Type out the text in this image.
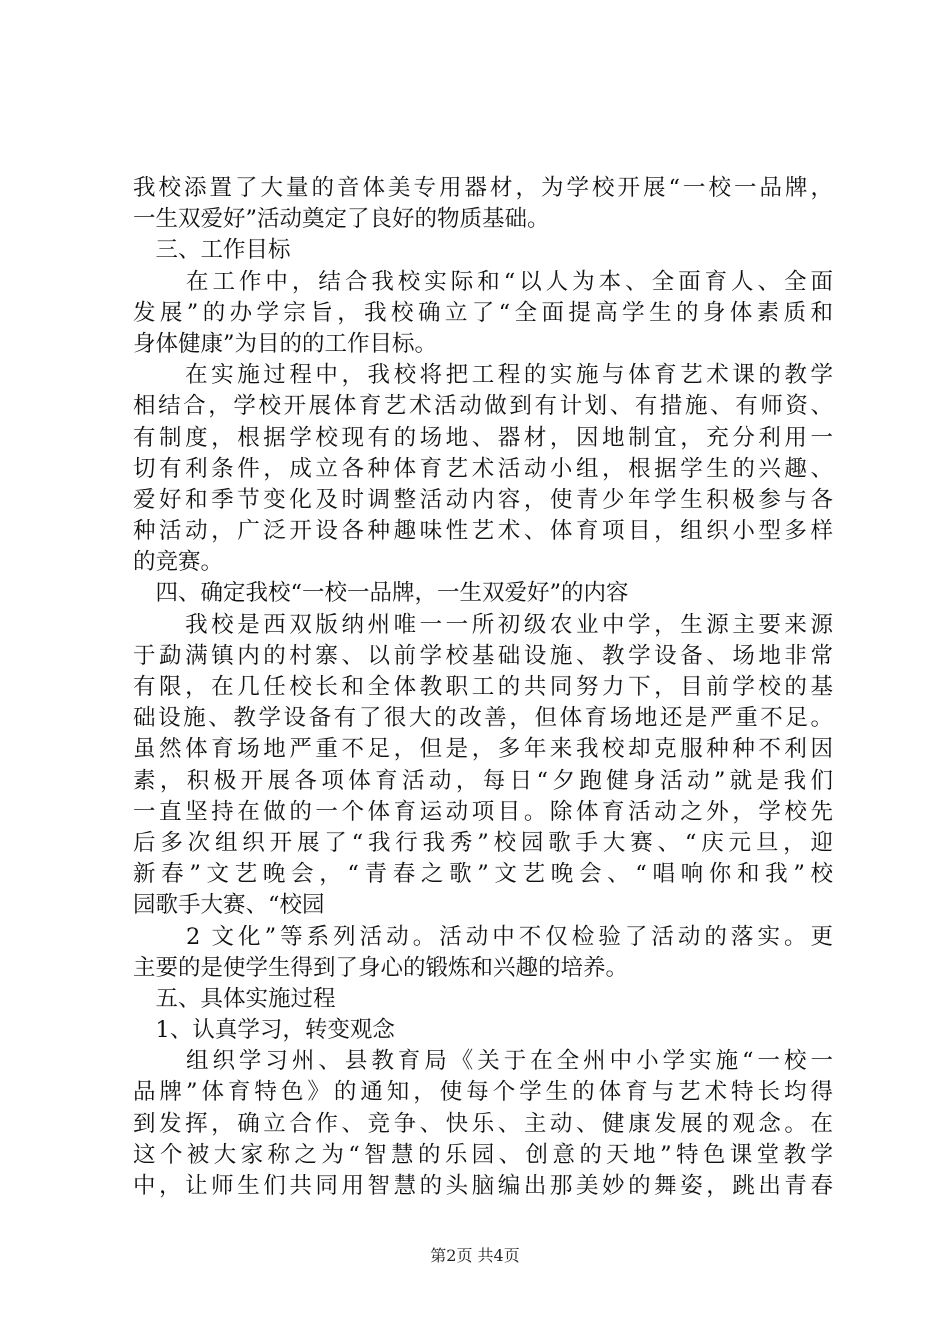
我校添置了大量的音体美专用器材，为学校开展“一校一品牌，
一生双爱好”活动奠定了良好的物质基础。
　三、工作目标
　　在工作中，结合我校实际和“以人为本、全面育人、全面
发展”的办学宗旨，我校确立了“全面提高学生的身体素质和
身体健康”为目的的工作目标。
　　在实施过程中，我校将把工程的实施与体育艺术课的教学
相结合，学校开展体育艺术活动做到有计划、有措施、有师资、
有制度，根据学校现有的场地、器材，因地制宜，充分利用一
切有利条件，成立各种体育艺术活动小组，根据学生的兴趣、
爱好和季节变化及时调整活动内容，使青少年学生积极参与各
种活动，广泛开设各种趣味性艺术、体育项目，组织小型多样
的竞赛。
　四、确定我校“一校一品牌，一生双爱好”的内容
　　我校是西双版纳州唯一一所初级农业中学，生源主要来源
于勐满镇内的村寨、以前学校基础设施、教学设备、场地非常
有限，在几任校长和全体教职工的共同努力下，目前学校的基
础设施、教学设备有了很大的改善，但体育场地还是严重不足。
虽然体育场地严重不足，但是，多年来我校却克服种种不利因
素，积极开展各项体育活动，每日“夕跑健身活动”就是我们
一直坚持在做的一个体育运动项目。除体育活动之外，学校先
后多次组织开展了“我行我秀”校园歌手大赛、“庆元旦，迎
新春”文艺晚会，“青春之歌”文艺晚会、“唱响你和我”校
园歌手大赛、“校园
　　2 文化”等系列活动。活动中不仅检验了活动的落实。更
主要的是使学生得到了身心的锻炼和兴趣的培养。
　五、具体实施过程
　1、认真学习，转变观念
　　组织学习州、县教育局《关于在全州中小学实施“一校一
品牌”体育特色》的通知，使每个学生的体育与艺术特长均得
到发挥，确立合作、竞争、快乐、主动、健康发展的观念。在
这个被大家称之为“智慧的乐园、创意的天地”特色课堂教学
中，让师生们共同用智慧的头脑编出那美妙的舞姿，跳出青春
第2页 共4页
